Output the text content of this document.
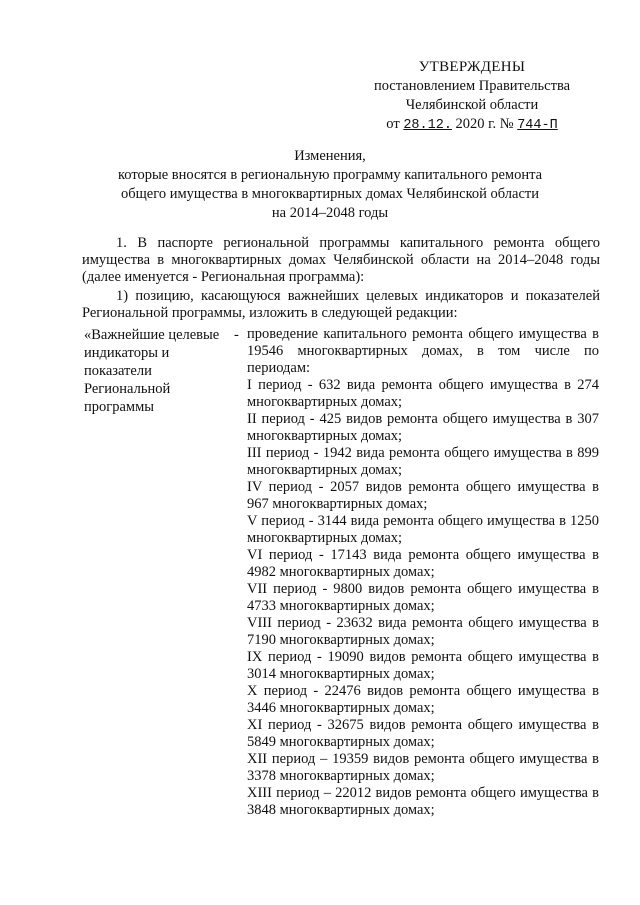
УТВЕРЖДЕНЫ
постановлением Правительства
Челябинской области
от 28.12. 2020 г. № 744-П
Изменения,
которые вносятся в региональную программу капитального ремонта
общего имущества в многоквартирных домах Челябинской области
на 2014–2048 годы
1. В паспорте региональной программы капитального ремонта общего имущества в многоквартирных домах Челябинской области на 2014–2048 годы (далее именуется - Региональная программа):
1) позицию, касающуюся важнейших целевых индикаторов и показателей Региональной программы, изложить в следующей редакции:
«Важнейшие целевые индикаторы и показатели Региональной программы
- проведение капитального ремонта общего имущества в 19546 многоквартирных домах, в том числе по периодам:

I период - 632 вида ремонта общего имущества в 274 многоквартирных домах;

II период - 425 видов ремонта общего имущества в 307 многоквартирных домах;

III период - 1942 вида ремонта общего имущества в 899 многоквартирных домах;

IV период - 2057 видов ремонта общего имущества в 967 многоквартирных домах;

V период - 3144 вида ремонта общего имущества в 1250 многоквартирных домах;

VI период - 17143 вида ремонта общего имущества в 4982 многоквартирных домах;

VII период - 9800 видов ремонта общего имущества в 4733 многоквартирных домах;

VIII период - 23632 вида ремонта общего имущества в 7190 многоквартирных домах;

IX период - 19090 видов ремонта общего имущества в 3014 многоквартирных домах;

X период - 22476 видов ремонта общего имущества в 3446 многоквартирных домах;

XI период - 32675 видов ремонта общего имущества в 5849 многоквартирных домах;

XII период – 19359 видов ремонта общего имущества в 3378 многоквартирных домах;

XIII период – 22012 видов ремонта общего имущества в 3848 многоквартирных домах;
